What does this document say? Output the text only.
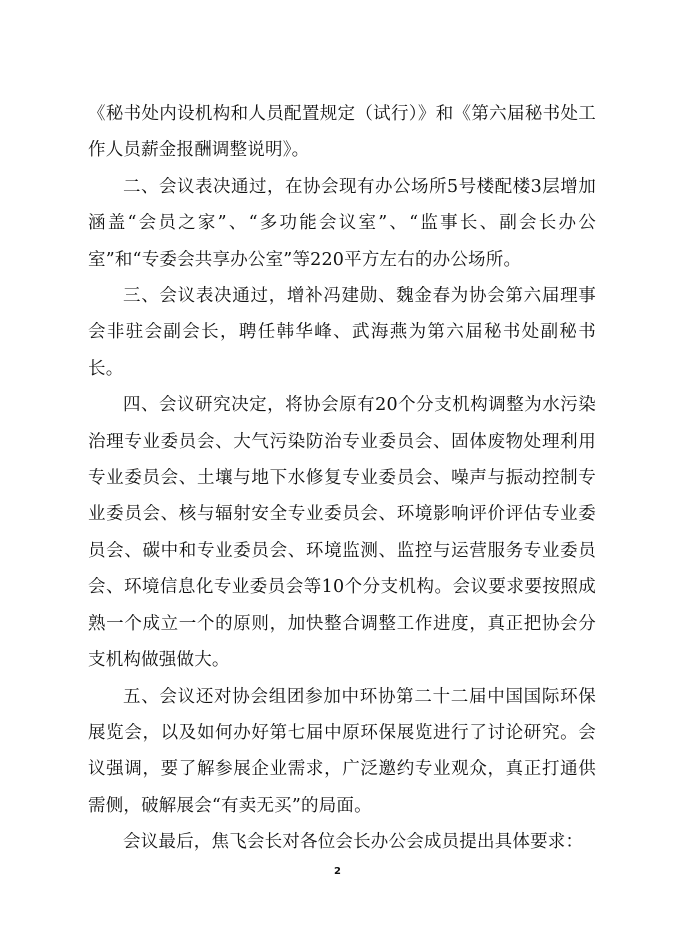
《秘书处内设机构和人员配置规定（试行）》和《第六届秘书处工作人员薪金报酬调整说明》。

二、会议表决通过，在协会现有办公场所5号楼配楼3层增加涵盖“会员之家”、“多功能会议室”、“监事长、副会长办公室”和“专委会共享办公室”等220平方左右的办公场所。

三、会议表决通过，增补冯建勋、魏金春为协会第六届理事会非驻会副会长，聘任韩华峰、武海燕为第六届秘书处副秘书长。

四、会议研究决定，将协会原有20个分支机构调整为水污染治理专业委员会、大气污染防治专业委员会、固体废物处理利用专业委员会、土壤与地下水修复专业委员会、噪声与振动控制专业委员会、核与辐射安全专业委员会、环境影响评价评估专业委员会、碳中和专业委员会、环境监测、监控与运营服务专业委员会、环境信息化专业委员会等10个分支机构。会议要求要按照成熟一个成立一个的原则，加快整合调整工作进度，真正把协会分支机构做强做大。

五、会议还对协会组团参加中环协第二十二届中国国际环保展览会，以及如何办好第七届中原环保展览进行了讨论研究。会议强调，要了解参展企业需求，广泛邀约专业观众，真正打通供需侧，破解展会“有卖无买”的局面。

会议最后，焦飞会长对各位会长办公会成员提出具体要求：

2
